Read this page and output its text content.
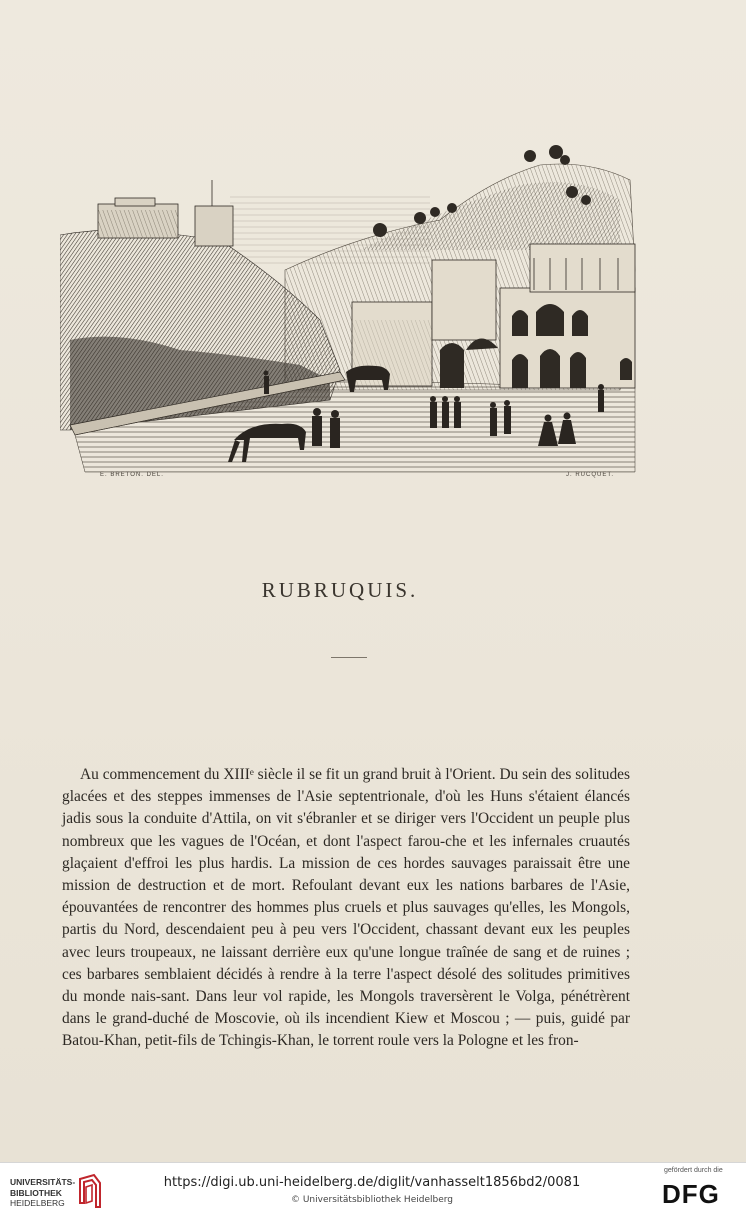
E. BRETON. DEL.	J. RUCQUET.
RUBRUQUIS.

Au commencement du XIIIᵉ siècle il se fit un grand bruit à l'Orient. Du sein des solitudes glacées et des steppes immenses de l'Asie septentrionale, d'où les Huns s'étaient élancés jadis sous la conduite d'Attila, on vit s'ébranler et se diriger vers l'Occident un peuple plus nombreux que les vagues de l'Océan, et dont l'aspect farou-che et les infernales cruautés glaçaient d'effroi les plus hardis. La mission de ces hordes sauvages paraissait être une mission de destruction et de mort. Refoulant devant eux les nations barbares de l'Asie, épouvantées de rencontrer des hommes plus cruels et plus sauvages qu'elles, les Mongols, partis du Nord, descendaient peu à peu vers l'Occident, chassant devant eux les peuples avec leurs troupeaux, ne laissant derrière eux qu'une longue traînée de sang et de ruines ; ces barbares semblaient décidés à rendre à la terre l'aspect désolé des solitudes primitives du monde nais-sant. Dans leur vol rapide, les Mongols traversèrent le Volga, pénétrèrent dans le grand-duché de Moscovie, où ils incendient Kiew et Moscou ; — puis, guidé par Batou-Khan, petit-fils de Tchingis-Khan, le torrent roule vers la Pologne et les fron-

UNIVERSITÄTS-
BIBLIOTHEK
HEIDELBERG
https://digi.ub.uni-heidelberg.de/diglit/vanhasselt1856bd2/0081
© Universitätsbibliothek Heidelberg
gefördert durch die
DFG
